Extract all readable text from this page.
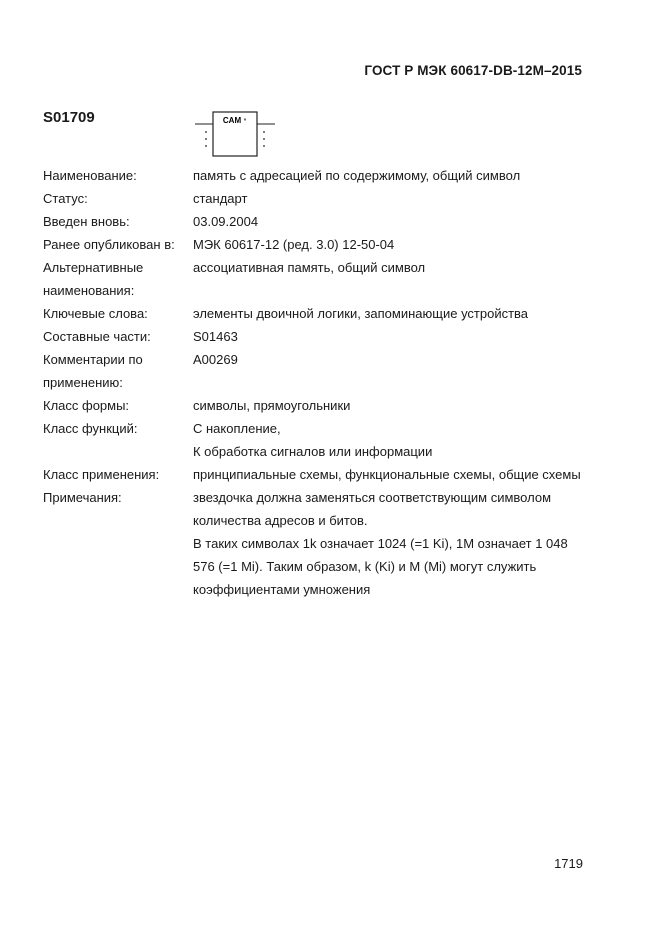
ГОСТ Р МЭК 60617-DB-12M–2015
S01709	CAM *
Наименование:	память с адресацией по содержимому, общий символ
Статус:	стандарт
Введен вновь:	03.09.2004
Ранее опубликован в:	МЭК 60617-12 (ред. 3.0) 12-50-04
Альтернативные наименования:
ассоциативная память, общий символ
Ключевые слова:	элементы двоичной логики, запоминающие устройства
Составные части:	S01463
Комментарии по применению:
A00269
Класс формы:	символы, прямоугольники
Класс функций:	С накопление,
К обработка сигналов или информации
Класс применения:	принципиальные схемы, функциональные схемы, общие схемы
Примечания:	звездочка должна заменяться соответствующим символом количества адресов и битов.
В таких символах 1k означает 1024 (=1 Ki), 1М означает 1 048 576 (=1 Mi). Таким образом, k (Ki) и M (Mi) могут служить коэффициентами умножения
1719
